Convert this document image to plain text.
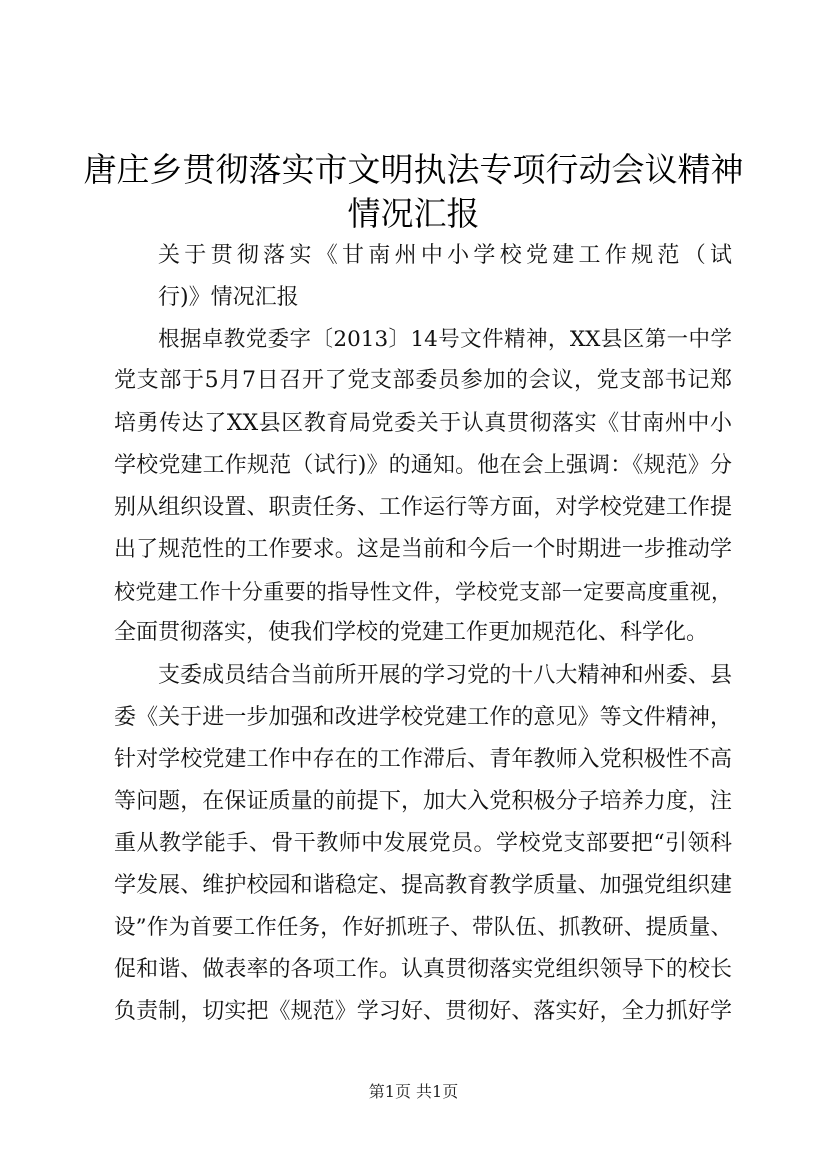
唐庄乡贯彻落实市文明执法专项行动会议精神
情况汇报
关于贯彻落实《甘南州中小学校党建工作规范（试
行)》情况汇报
根据卓教党委字〔2013〕14号文件精神，XX县区第一中学
党支部于5月7日召开了党支部委员参加的会议，党支部书记郑
培勇传达了XX县区教育局党委关于认真贯彻落实《甘南州中小
学校党建工作规范（试行)》的通知。他在会上强调：《规范》分
别从组织设置、职责任务、工作运行等方面，对学校党建工作提
出了规范性的工作要求。这是当前和今后一个时期进一步推动学
校党建工作十分重要的指导性文件，学校党支部一定要高度重视，
全面贯彻落实，使我们学校的党建工作更加规范化、科学化。
支委成员结合当前所开展的学习党的十八大精神和州委、县
委《关于进一步加强和改进学校党建工作的意见》等文件精神，
针对学校党建工作中存在的工作滞后、青年教师入党积极性不高
等问题，在保证质量的前提下，加大入党积极分子培养力度，注
重从教学能手、骨干教师中发展党员。学校党支部要把“引领科
学发展、维护校园和谐稳定、提高教育教学质量、加强党组织建
设”作为首要工作任务，作好抓班子、带队伍、抓教研、提质量、
促和谐、做表率的各项工作。认真贯彻落实党组织领导下的校长
负责制，切实把《规范》学习好、贯彻好、落实好，全力抓好学
第1页 共1页
